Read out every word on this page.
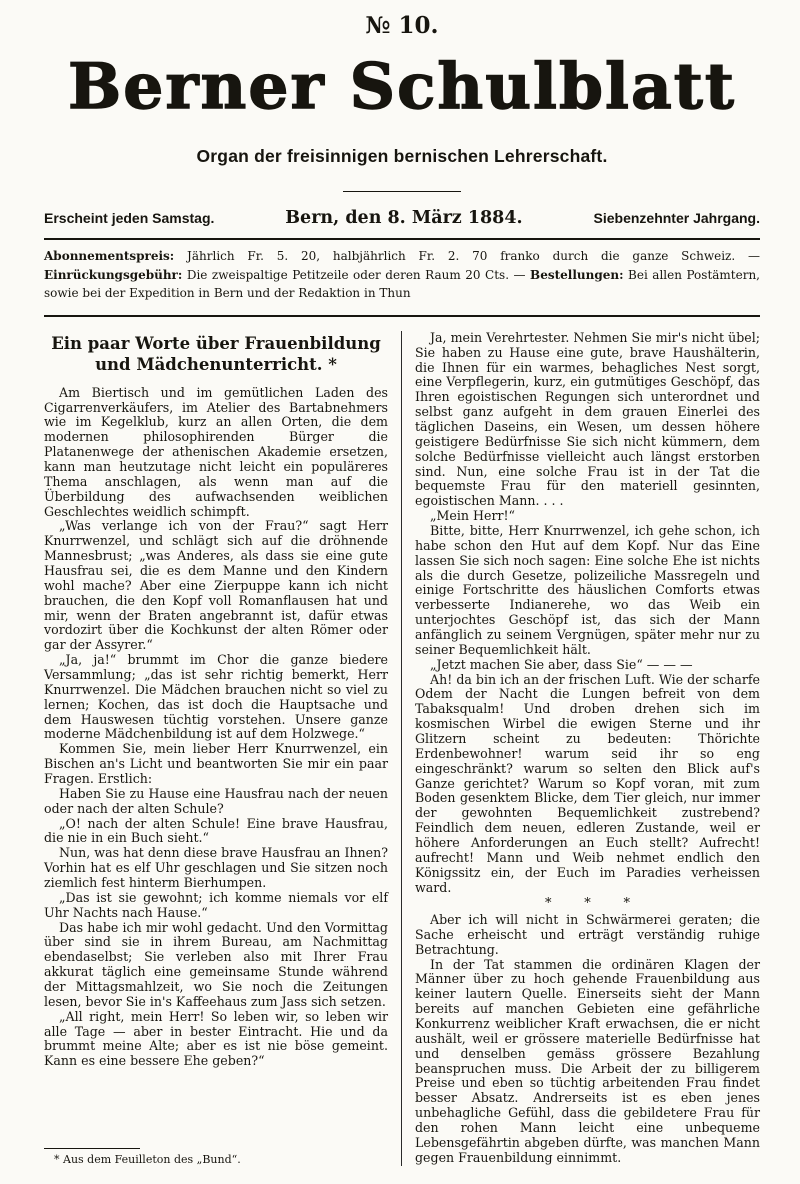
№ 10.
Berner Schulblatt
Organ der freisinnigen bernischen Lehrerschaft.
Erscheint jeden Samstag.	Bern, den 8. März 1884.	Siebenzehnter Jahrgang.

Abonnementspreis: Jährlich Fr. 5. 20, halbjährlich Fr. 2. 70 franko durch die ganze Schweiz. — Einrückungsgebühr: Die zweispaltige Petitzeile oder deren Raum 20 Cts. — Bestellungen: Bei allen Postämtern, sowie bei der Expedition in Bern und der Redaktion in Thun

Ein paar Worte über Frauenbildung und Mädchenunterricht. *

Am Biertisch und im gemütlichen Laden des Cigarrenverkäufers, im Atelier des Bartabnehmers wie im Kegelklub, kurz an allen Orten, die dem modernen philosophirenden Bürger die Platanenwege der athenischen Akademie ersetzen, kann man heutzutage nicht leicht ein populäreres Thema anschlagen, als wenn man auf die Überbildung des aufwachsenden weiblichen Geschlechtes weidlich schimpft.

„Was verlange ich von der Frau?“ sagt Herr Knurrwenzel, und schlägt sich auf die dröhnende Mannesbrust; „was Anderes, als dass sie eine gute Hausfrau sei, die es dem Manne und den Kindern wohl mache? Aber eine Zierpuppe kann ich nicht brauchen, die den Kopf voll Romanflausen hat und mir, wenn der Braten angebrannt ist, dafür etwas vordozirt über die Kochkunst der alten Römer oder gar der Assyrer.“

„Ja, ja!“ brummt im Chor die ganze biedere Versammlung; „das ist sehr richtig bemerkt, Herr Knurrwenzel. Die Mädchen brauchen nicht so viel zu lernen; Kochen, das ist doch die Hauptsache und dem Hauswesen tüchtig vorstehen. Unsere ganze moderne Mädchenbildung ist auf dem Holzwege.“

Kommen Sie, mein lieber Herr Knurrwenzel, ein Bischen an's Licht und beantworten Sie mir ein paar Fragen. Erstlich:

Haben Sie zu Hause eine Hausfrau nach der neuen oder nach der alten Schule?

„O! nach der alten Schule! Eine brave Hausfrau, die nie in ein Buch sieht.“

Nun, was hat denn diese brave Hausfrau an Ihnen? Vorhin hat es elf Uhr geschlagen und Sie sitzen noch ziemlich fest hinterm Bierhumpen.

„Das ist sie gewohnt; ich komme niemals vor elf Uhr Nachts nach Hause.“

Das habe ich mir wohl gedacht. Und den Vormittag über sind sie in ihrem Bureau, am Nachmittag ebendaselbst; Sie verleben also mit Ihrer Frau akkurat täglich eine gemeinsame Stunde während der Mittagsmahlzeit, wo Sie noch die Zeitungen lesen, bevor Sie in's Kaffeehaus zum Jass sich setzen.

„All right, mein Herr! So leben wir, so leben wir alle Tage — aber in bester Eintracht. Hie und da brummt meine Alte; aber es ist nie böse gemeint. Kann es eine bessere Ehe geben?“

* Aus dem Feuilleton des „Bund“.

Ja, mein Verehrtester. Nehmen Sie mir's nicht übel; Sie haben zu Hause eine gute, brave Haushälterin, die Ihnen für ein warmes, behagliches Nest sorgt, eine Verpflegerin, kurz, ein gutmütiges Geschöpf, das Ihren egoistischen Regungen sich unterordnet und selbst ganz aufgeht in dem grauen Einerlei des täglichen Daseins, ein Wesen, um dessen höhere geistigere Bedürfnisse Sie sich nicht kümmern, dem solche Bedürfnisse vielleicht auch längst erstorben sind. Nun, eine solche Frau ist in der Tat die bequemste Frau für den materiell gesinnten, egoistischen Mann. . . .

„Mein Herr!“

Bitte, bitte, Herr Knurrwenzel, ich gehe schon, ich habe schon den Hut auf dem Kopf. Nur das Eine lassen Sie sich noch sagen: Eine solche Ehe ist nichts als die durch Gesetze, polizeiliche Massregeln und einige Fortschritte des häuslichen Comforts etwas verbesserte Indianerehe, wo das Weib ein unterjochtes Geschöpf ist, das sich der Mann anfänglich zu seinem Vergnügen, später mehr nur zu seiner Bequemlichkeit hält.

„Jetzt machen Sie aber, dass Sie“ — — —

Ah! da bin ich an der frischen Luft. Wie der scharfe Odem der Nacht die Lungen befreit von dem Tabaksqualm! Und droben drehen sich im kosmischen Wirbel die ewigen Sterne und ihr Glitzern scheint zu bedeuten: Thörichte Erdenbewohner! warum seid ihr so eng eingeschränkt? warum so selten den Blick auf's Ganze gerichtet? Warum so Kopf voran, mit zum Boden gesenktem Blicke, dem Tier gleich, nur immer der gewohnten Bequemlichkeit zustrebend? Feindlich dem neuen, edleren Zustande, weil er höhere Anforderungen an Euch stellt? Aufrecht! aufrecht! Mann und Weib nehmet endlich den Königssitz ein, der Euch im Paradies verheissen ward.

* * *

Aber ich will nicht in Schwärmerei geraten; die Sache erheischt und erträgt verständig ruhige Betrachtung.

In der Tat stammen die ordinären Klagen der Männer über zu hoch gehende Frauenbildung aus keiner lautern Quelle. Einerseits sieht der Mann bereits auf manchen Gebieten eine gefährliche Konkurrenz weiblicher Kraft erwachsen, die er nicht aushält, weil er grössere materielle Bedürfnisse hat und denselben gemäss grössere Bezahlung beanspruchen muss. Die Arbeit der zu billigerem Preise und eben so tüchtig arbeitenden Frau findet besser Absatz. Andrerseits ist es eben jenes unbehagliche Gefühl, dass die gebildetere Frau für den rohen Mann leicht eine unbequeme Lebensgefährtin abgeben dürfte, was manchen Mann gegen Frauenbildung einnimmt.
